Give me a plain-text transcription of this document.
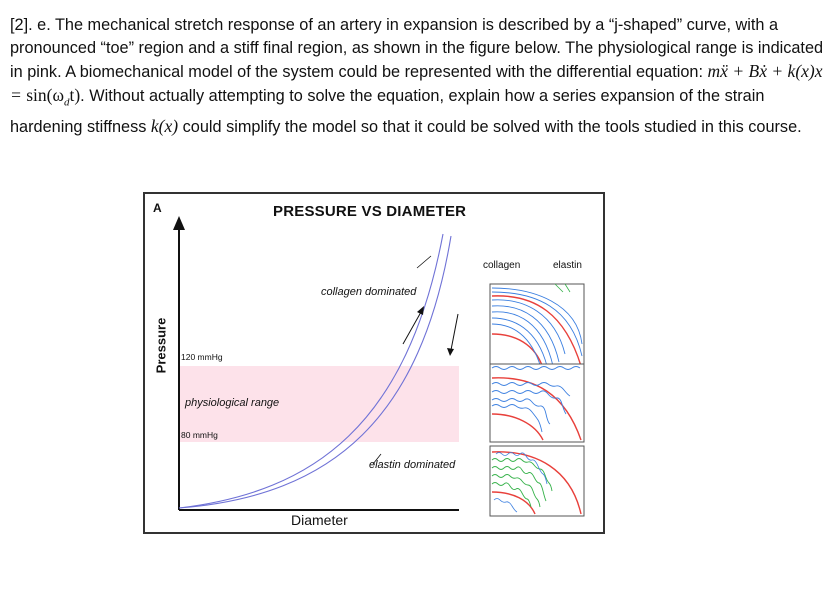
[2]. e. The mechanical stretch response of an artery in expansion is described by a “j-shaped” curve, with a pronounced “toe” region and a stiff final region, as shown in the figure below. The physiological range is indicated in pink. A biomechanical model of the system could be represented with the differential equation: mẍ + Bẋ + $k(x)x = \sin(\omega_dt)$. Without actually attempting to solve the equation, explain how a series expansion of the strain hardening stiffness k(x) could simplify the model so that it could be solved with the tools studied in this course.
A	PRESSURE VS DIAMETER
Pressure
Diameter
120 mmHg
80 mmHg
physiological range
collagen dominated
elastin dominated
collagen	elastin
